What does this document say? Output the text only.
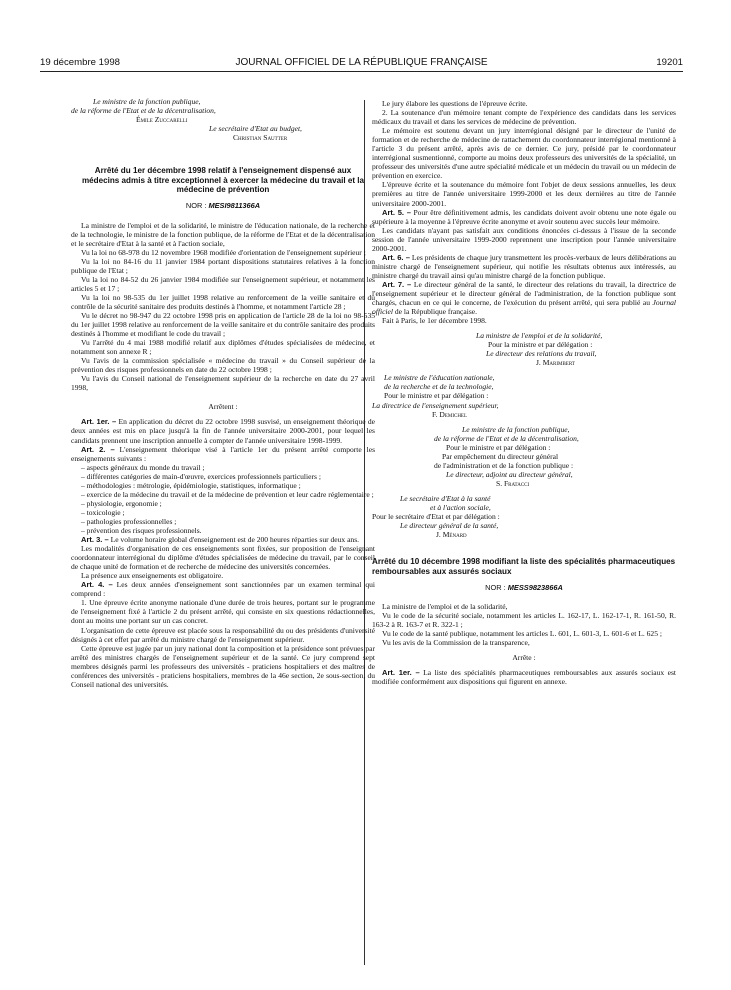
19 décembre 1998	JOURNAL OFFICIEL DE LA RÉPUBLIQUE FRANÇAISE	19201
Le ministre de la fonction publique,
de la réforme de l'Etat et de la décentralisation,
Émile Zuccarelli
Le secrétaire d'Etat au budget,
Christian Sautter
Arrêté du 1er décembre 1998 relatif à l'enseignement dispensé aux médecins admis à titre exceptionnel à exercer la médecine du travail et la médecine de prévention
NOR : MESI9811366A

La ministre de l'emploi et de la solidarité, le ministre de l'éducation nationale, de la recherche et de la technologie, le ministre de la fonction publique, de la réforme de l'Etat et de la décentralisation et le secrétaire d'Etat à la santé et à l'action sociale,

Vu la loi no 68-978 du 12 novembre 1968 modifiée d'orientation de l'enseignement supérieur ;

Vu la loi no 84-16 du 11 janvier 1984 portant dispositions statutaires relatives à la fonction publique de l'Etat ;

Vu la loi no 84-52 du 26 janvier 1984 modifiée sur l'enseignement supérieur, et notamment les articles 5 et 17 ;

Vu la loi no 98-535 du 1er juillet 1998 relative au renforcement de la veille sanitaire et du contrôle de la sécurité sanitaire des produits destinés à l'homme, et notamment l'article 28 ;

Vu le décret no 98-947 du 22 octobre 1998 pris en application de l'article 28 de la loi no 98-535 du 1er juillet 1998 relative au renforcement de la veille sanitaire et du contrôle sanitaire des produits destinés à l'homme et modifiant le code du travail ;

Vu l'arrêté du 4 mai 1988 modifié relatif aux diplômes d'études spécialisées de médecine, et notamment son annexe R ;

Vu l'avis de la commission spécialisée « médecine du travail » du Conseil supérieur de la prévention des risques professionnels en date du 22 octobre 1998 ;

Vu l'avis du Conseil national de l'enseignement supérieur de la recherche en date du 27 avril 1998,

Arrêtent :

Art. 1er. – En application du décret du 22 octobre 1998 susvisé, un enseignement théorique de deux années est mis en place jusqu'à la fin de l'année universitaire 2000-2001, pour lequel les candidats prennent une inscription annuelle à compter de l'année universitaire 1998-1999.

Art. 2. – L'enseignement théorique visé à l'article 1er du présent arrêté comporte les enseignements suivants :

– aspects généraux du monde du travail ;
– différentes catégories de main-d'œuvre, exercices professionnels particuliers ;
– méthodologies : métrologie, épidémiologie, statistiques, informatique ;
– exercice de la médecine du travail et de la médecine de prévention et leur cadre réglementaire ;
– physiologie, ergonomie ;
– toxicologie ;
– pathologies professionnelles ;
– prévention des risques professionnels.

Art. 3. – Le volume horaire global d'enseignement est de 200 heures réparties sur deux ans.

Les modalités d'organisation de ces enseignements sont fixées, sur proposition de l'enseignant coordonnateur interrégional du diplôme d'études spécialisées de médecine du travail, par le conseil de chaque unité de formation et de recherche de médecine des universités concernées.

La présence aux enseignements est obligatoire.

Art. 4. – Les deux années d'enseignement sont sanctionnées par un examen terminal qui comprend :

1. Une épreuve écrite anonyme nationale d'une durée de trois heures, portant sur le programme de l'enseignement fixé à l'article 2 du présent arrêté, qui consiste en six questions rédactionnelles, dont au moins une portant sur un cas concret.

L'organisation de cette épreuve est placée sous la responsabilité du ou des présidents d'université désignés à cet effet par arrêté du ministre chargé de l'enseignement supérieur.

Cette épreuve est jugée par un jury national dont la composition et la présidence sont prévues par arrêté des ministres chargés de l'enseignement supérieur et de la santé. Ce jury comprend sept membres désignés parmi les professeurs des universités - praticiens hospitaliers et des maîtres de conférences des universités - praticiens hospitaliers, membres de la 46e section, 2e sous-section, du Conseil national des universités.

Le jury élabore les questions de l'épreuve écrite.

2. La soutenance d'un mémoire tenant compte de l'expérience des candidats dans les services médicaux du travail et dans les services de médecine de prévention.

Le mémoire est soutenu devant un jury interrégional désigné par le directeur de l'unité de formation et de recherche de médecine de rattachement du coordonnateur interrégional mentionné à l'article 3 du présent arrêté, après avis de ce dernier. Ce jury, présidé par le coordonnateur interrégional susmentionné, comporte au moins deux professeurs des universités de la spécialité, un professeur des universités d'une autre spécialité médicale et un médecin du travail ou un médecin de prévention en exercice.

L'épreuve écrite et la soutenance du mémoire font l'objet de deux sessions annuelles, les deux premières au titre de l'année universitaire 1999-2000 et les deux dernières au titre de l'année universitaire 2000-2001.

Art. 5. – Pour être définitivement admis, les candidats doivent avoir obtenu une note égale ou supérieure à la moyenne à l'épreuve écrite anonyme et avoir soutenu avec succès leur mémoire.

Les candidats n'ayant pas satisfait aux conditions énoncées ci-dessus à l'issue de la seconde session de l'année universitaire 1999-2000 reprennent une inscription pour l'année universitaire 2000-2001.

Art. 6. – Les présidents de chaque jury transmettent les procès-verbaux de leurs délibérations au ministre chargé de l'enseignement supérieur, qui notifie les résultats obtenus aux intéressés, au ministre chargé du travail ainsi qu'au ministre chargé de la fonction publique.

Art. 7. – Le directeur général de la santé, le directeur des relations du travail, la directrice de l'enseignement supérieur et le directeur général de l'administration, de la fonction publique sont chargés, chacun en ce qui le concerne, de l'exécution du présent arrêté, qui sera publié au Journal officiel de la République française.

Fait à Paris, le 1er décembre 1998.

La ministre de l'emploi et de la solidarité,
Pour la ministre et par délégation :
Le directeur des relations du travail,
J. Marimbert
Le ministre de l'éducation nationale,
de la recherche et de la technologie,
Pour le ministre et par délégation :
La directrice de l'enseignement supérieur,
F. Demichel
Le ministre de la fonction publique,
de la réforme de l'Etat et de la décentralisation,
Pour le ministre et par délégation :
Par empêchement du directeur général
de l'administration et de la fonction publique :
Le directeur, adjoint au directeur général,
S. Fratacci
Le secrétaire d'Etat à la santé
et à l'action sociale,
Pour le secrétaire d'Etat et par délégation :
Le directeur général de la santé,
J. Ménard
Arrêté du 10 décembre 1998 modifiant la liste des spécialités pharmaceutiques remboursables aux assurés sociaux
NOR : MESS9823866A

La ministre de l'emploi et de la solidarité,

Vu le code de la sécurité sociale, notamment les articles L. 162-17, L. 162-17-1, R. 161-50, R. 163-2 à R. 163-7 et R. 322-1 ;

Vu le code de la santé publique, notamment les articles L. 601, L. 601-3, L. 601-6 et L. 625 ;

Vu les avis de la Commission de la transparence,

Arrête :

Art. 1er. – La liste des spécialités pharmaceutiques remboursables aux assurés sociaux est modifiée conformément aux dispositions qui figurent en annexe.
